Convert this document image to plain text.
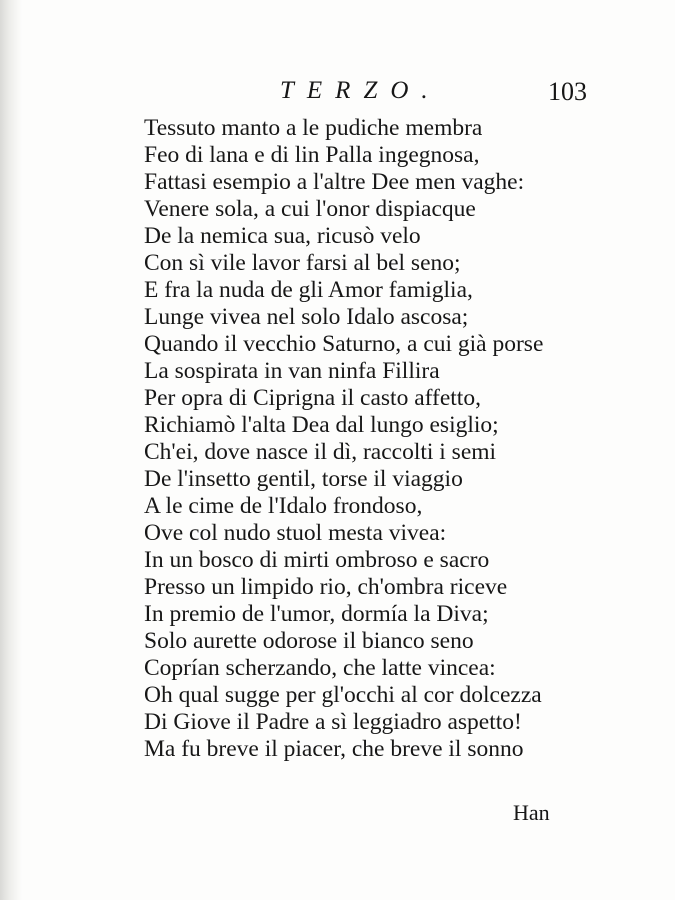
TERZO.	103
Tessuto manto a le pudiche membra
Feo di lana e di lin Palla ingegnosa,
Fattasi esempio a l'altre Dee men vaghe:
Venere sola, a cui l'onor dispiacque
De la nemica sua, ricusò velo
Con sì vile lavor farsi al bel seno;
E fra la nuda de gli Amor famiglia,
Lunge vivea nel solo Idalo ascosa;
Quando il vecchio Saturno, a cui già porse
La sospirata in van ninfa Fillira
Per opra di Ciprigna il casto affetto,
Richiamò l'alta Dea dal lungo esiglio;
Ch'ei, dove nasce il dì, raccolti i semi
De l'insetto gentil, torse il viaggio
A le cime de l'Idalo frondoso,
Ove col nudo stuol mesta vivea:
In un bosco di mirti ombroso e sacro
Presso un limpido rio, ch'ombra riceve
In premio de l'umor, dormía la Diva;
Solo aurette odorose il bianco seno
Coprían scherzando, che latte vincea:
Oh qual sugge per gl'occhi al cor dolcezza
Di Giove il Padre a sì leggiadro aspetto!
Ma fu breve il piacer, che breve il sonno
Han
